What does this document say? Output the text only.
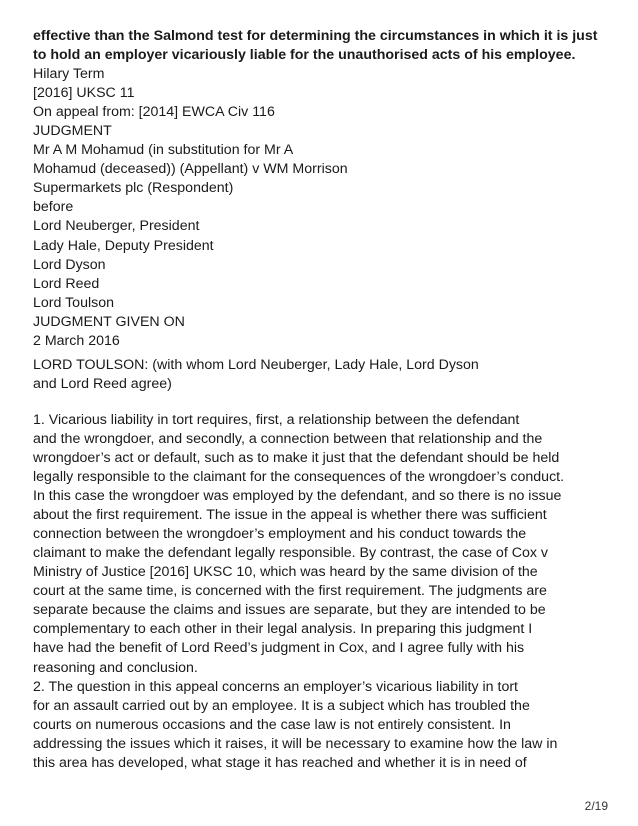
effective than the Salmond test for determining the circumstances in which it is just
to hold an employer vicariously liable for the unauthorised acts of his employee.
Hilary Term
[2016] UKSC 11
On appeal from: [2014] EWCA Civ 116
JUDGMENT
Mr A M Mohamud (in substitution for Mr A
Mohamud (deceased)) (Appellant) v WM Morrison
Supermarkets plc (Respondent)
before
Lord Neuberger, President
Lady Hale, Deputy President
Lord Dyson
Lord Reed
Lord Toulson
JUDGMENT GIVEN ON
2 March 2016
LORD TOULSON: (with whom Lord Neuberger, Lady Hale, Lord Dyson
and Lord Reed agree)
1. Vicarious liability in tort requires, first, a relationship between the defendant
and the wrongdoer, and secondly, a connection between that relationship and the
wrongdoer’s act or default, such as to make it just that the defendant should be held
legally responsible to the claimant for the consequences of the wrongdoer’s conduct.
In this case the wrongdoer was employed by the defendant, and so there is no issue
about the first requirement. The issue in the appeal is whether there was sufficient
connection between the wrongdoer’s employment and his conduct towards the
claimant to make the defendant legally responsible. By contrast, the case of Cox v
Ministry of Justice [2016] UKSC 10, which was heard by the same division of the
court at the same time, is concerned with the first requirement. The judgments are
separate because the claims and issues are separate, but they are intended to be
complementary to each other in their legal analysis. In preparing this judgment I
have had the benefit of Lord Reed’s judgment in Cox, and I agree fully with his
reasoning and conclusion.
2. The question in this appeal concerns an employer’s vicarious liability in tort
for an assault carried out by an employee. It is a subject which has troubled the
courts on numerous occasions and the case law is not entirely consistent. In
addressing the issues which it raises, it will be necessary to examine how the law in
this area has developed, what stage it has reached and whether it is in need of
2/19
